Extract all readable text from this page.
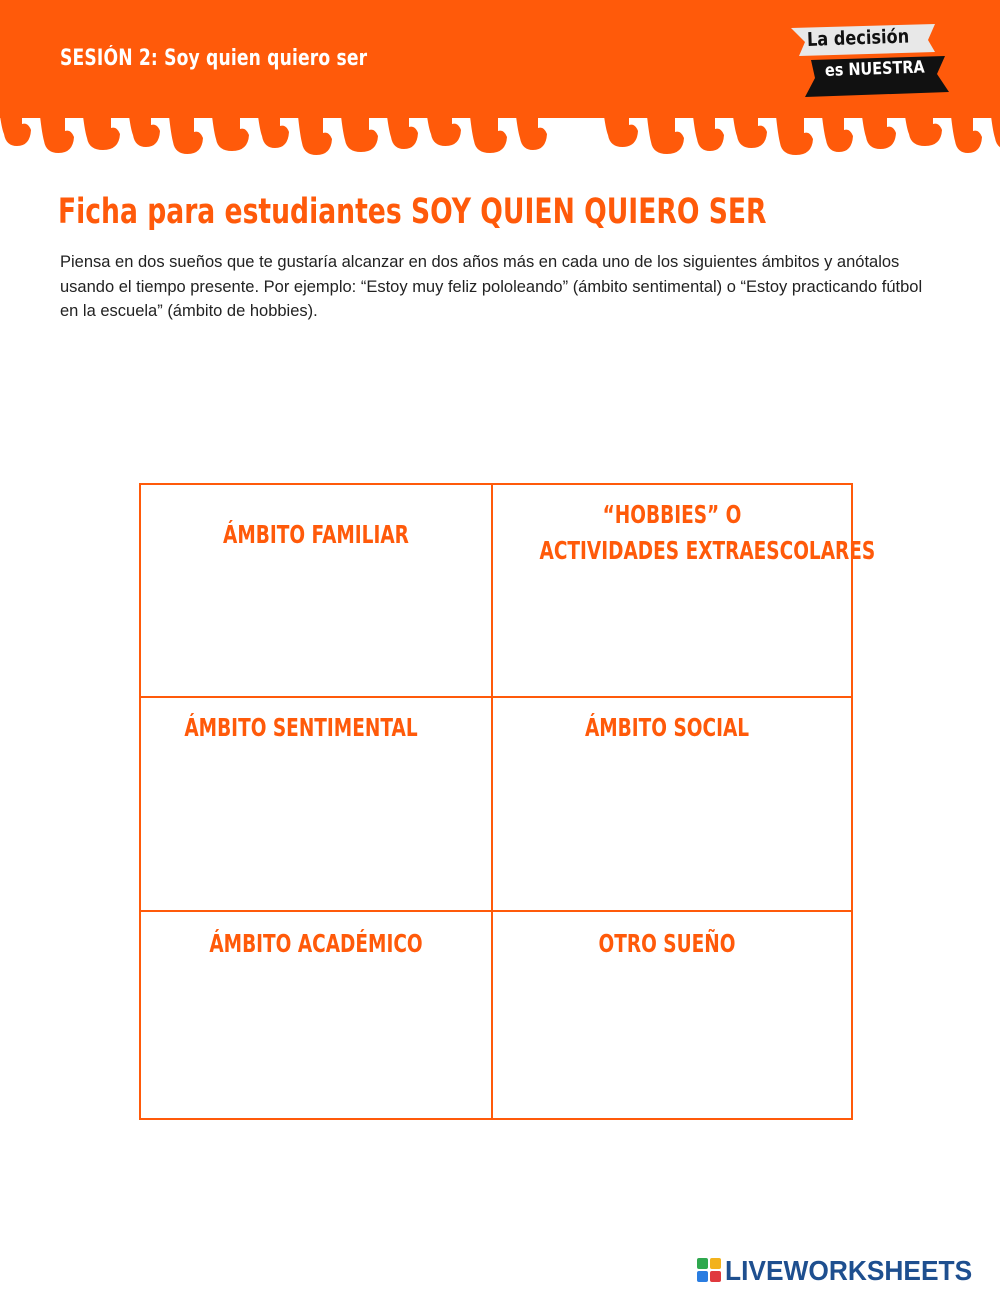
SESIÓN 2: Soy quien quiero ser
La decisión
es NUESTRA
Ficha para estudiantes SOY QUIEN QUIERO SER
Piensa en dos sueños que te gustaría alcanzar en dos años más en cada uno de los siguientes ámbitos y anótalos usando el tiempo presente. Por ejemplo: “Estoy muy feliz pololeando” (ámbito sentimental) o “Estoy practicando fútbol en la escuela” (ámbito de hobbies).
ÁMBITO FAMILIAR
“HOBBIES” O
ACTIVIDADES EXTRAESCOLARES
ÁMBITO SENTIMENTAL	ÁMBITO SOCIAL
ÁMBITO ACADÉMICO	OTRO SUEÑO
LIVEWORKSHEETS
